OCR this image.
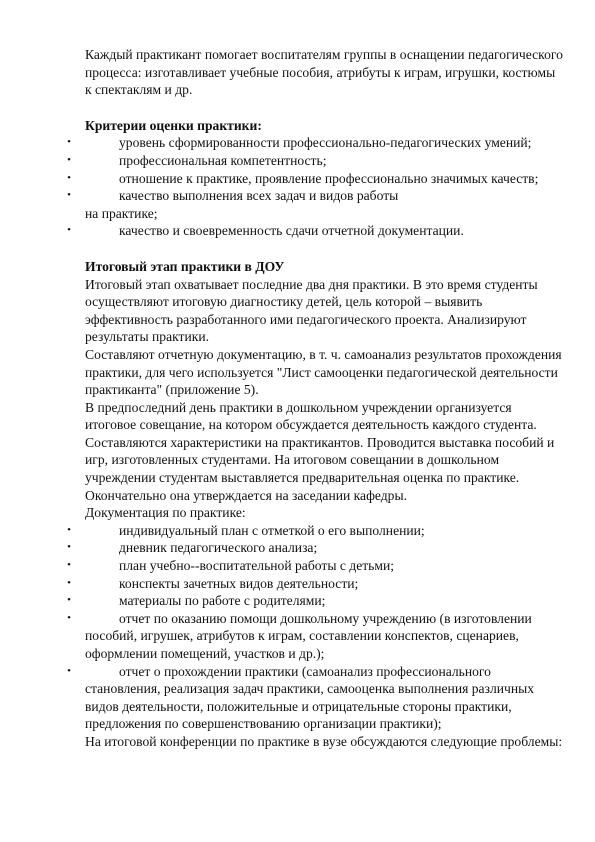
Каждый практикант помогает воспитателям группы в оснащении педагогического процесса: изготавливает учебные пособия, атрибуты к играм, игрушки, костюмы к спектаклям и др.

Критерии оценки практики:

•	уровень сформированности профессионально-педагогических умений;
•	профессиональная компетентность;
•	отношение к практике, проявление профессионально значимых качеств;
•	качество выполнения всех задач и видов работы

на практике;

•	качество и своевременность сдачи отчетной документации.

Итоговый этап практики в ДОУ

Итоговый этап охватывает последние два дня практики. В это время студенты осуществляют итоговую диагностику детей, цель которой – выявить эффективность разработанного ими педагогического проекта. Анализируют результаты практики.

Составляют отчетную документацию, в т. ч. самоанализ результатов прохождения практики, для чего используется "Лист самооценки педагогической деятельности практиканта" (приложение 5).

В предпоследний день практики в дошкольном учреждении организуется итоговое совещание, на котором обсуждается деятельность каждого студента. Составляются характеристики на практикантов. Проводится выставка пособий и игр, изготовленных студентами. На итоговом совещании в дошкольном учреждении студентам выставляется предварительная оценка по практике. Окончательно она утверждается на заседании кафедры.

Документация по практике:

•	индивидуальный план с отметкой о его выполнении;
•	дневник педагогического анализа;
•	план учебно--воспитательной работы с детьми;
•	конспекты зачетных видов деятельности;
•	материалы по работе с родителями;
•	отчет по оказанию помощи дошкольному учреждению (в изготовлении пособий, игрушек, атрибутов к играм, составлении конспектов, сценариев, оформлении помещений, участков и др.);
•	отчет о прохождении практики (самоанализ профессионального становления, реализация задач практики, самооценка выполнения различных видов деятельности, положительные и отрицательные стороны практики, предложения по совершенствованию организации практики);

На итоговой конференции по практике в вузе обсуждаются следующие проблемы:
